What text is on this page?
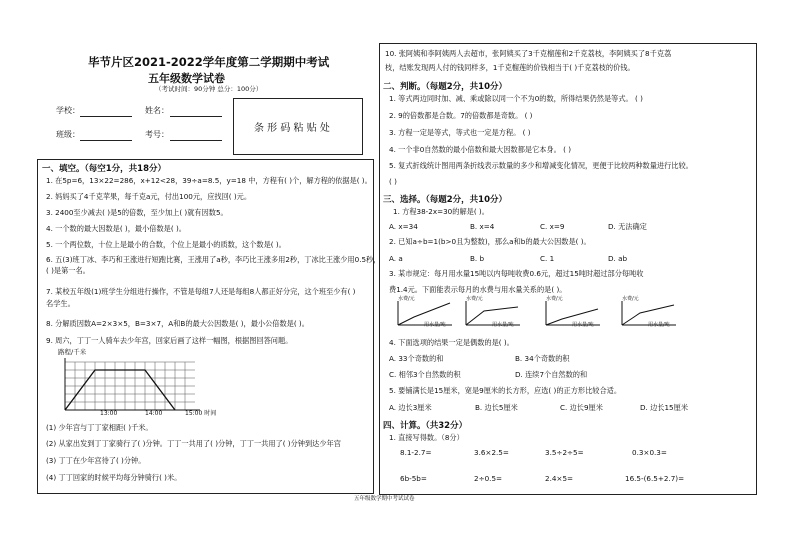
毕节片区2021-2022学年度第二学期期中考试
五年级数学试卷
（考试时间：90分钟 总分：100分）
学校：	姓名：
班级：	考号：
条 形 码 粘 贴 处
一、填空。（每空1分，共18分）
1. 在5p=6，13×22=286，x+12<28，39÷a=8.5，y=18 中，方程有( )个，解方程的依据是( )。
2. 妈妈买了4千克苹果，每千克a元，付出100元，应找回( )元。
3. 2400至少减去( )是5的倍数，至少加上( )就有因数5。
4. 一个数的最大因数是( )，最小倍数是( )。
5. 一个两位数，十位上是最小的合数，个位上是最小的质数，这个数是( )。
6. 五(3)班丁冰、李巧和王涨进行短跑比赛，王涨用了a秒，李巧比王涨多用2秒，丁冰比王涨少用0.5秒，
( )是第一名。
7. 某校五年级(1)班学生分组进行操作，不管是每组7人还是每组8人都正好分完，这个班至少有( )
名学生。
8. 分解质因数A=2×3×5，B=3×7，A和B的最大公因数是( )，最小公倍数是( )。
9. 周六，丁丁一人骑车去少年宫，回家后画了这样一幅图，根据图回答问题。
路程/千米
13:00	14:00	15:00 时间
(1) 少年宫与丁丁家相距( )千米。
(2) 从家出发到丁丁家骑行了( )分钟。丁丁一共用了( )分钟，丁丁一共用了( )分钟到达少年宫
(3) 丁丁在少年宫待了( )分钟。
(4) 丁丁回家的时候平均每分钟骑行( )米。
10. 张阿姨和李阿姨两人去超市，张阿姨买了3千克榴莲和2千克荔枝，李阿姨买了8千克荔
枝，结账发现两人付的钱同样多，1千克榴莲的价钱相当于( )千克荔枝的价钱。
二、判断。（每题2分，共10分）
1. 等式两边同时加、减、乘或除以同一个不为0的数，所得结果仍然是等式。 ( )
2. 9的倍数都是合数。7的倍数都是奇数。 ( )
3. 方程一定是等式，等式也一定是方程。 ( )
4. 一个非0自然数的最小倍数和最大因数都是它本身。 ( )
5. 复式折线统计图用两条折线表示数量的多少和增减变化情况，更便于比较两种数量进行比较。
( )
三、选择。（每题2分，共10分）
1. 方程38-2x=30的解是( )。
A. x=34	B. x=4	C. x=9	D. 无法确定
2. 已知a÷b=1(b>0且为整数)，那么a和b的最大公因数是( )。
A. a	B. b	C. 1	D. ab
3. 某市规定：每月用水量15吨以内每吨收费0.6元，超过15吨时超过部分每吨收
费1.4元。下面能表示每月的水费与用水量关系的是( )。
水费/元
用水量/吨
水费/元
用水量/吨
水费/元
用水量/吨
水费/元
用水量/吨
4. 下面选项的结果一定是偶数的是( )。
A. 33个奇数的和	B. 34个奇数的积
C. 相邻3个自然数的积	D. 连续7个自然数的和
5. 要铺满长是15厘米，宽是9厘米的长方形，应选( )的正方形比较合适。
A. 边长3厘米	B. 边长5厘米	C. 边长9厘米	D. 边长15厘米
四、计算。（共32分）
1. 直接写得数。（8分）
8.1-2.7=	3.6×2.5=	3.5÷2÷5=	0.3×0.3=
6b-5b=	2÷0.5=	2.4×5=	16.5-(6.5+2.7)=
五年级数学期中考试试卷
